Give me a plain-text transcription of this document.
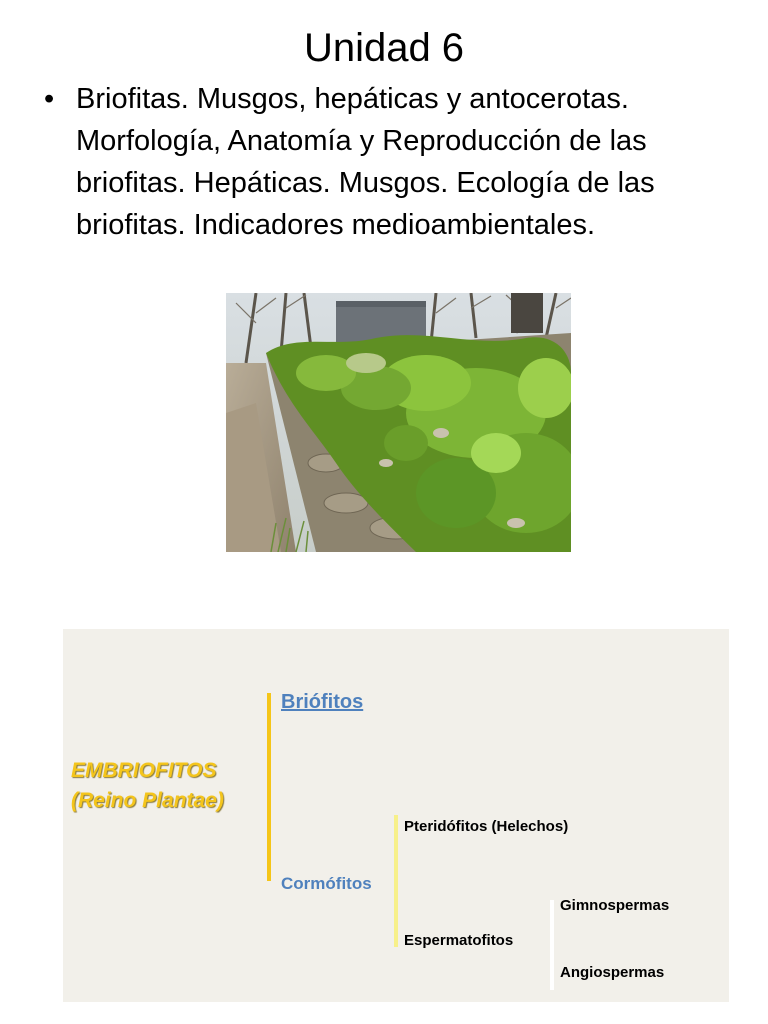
Unidad 6
• Briofitas. Musgos, hepáticas y antocerotas. Morfología, Anatomía y Reproducción de las briofitas. Hepáticas. Musgos. Ecología de las briofitas. Indicadores medioambientales.
EMBRIOFITOS
(Reino Plantae)
Briófitos
Cormófitos
Pteridófitos (Helechos)
Espermatofitos
Gimnospermas
Angiospermas
